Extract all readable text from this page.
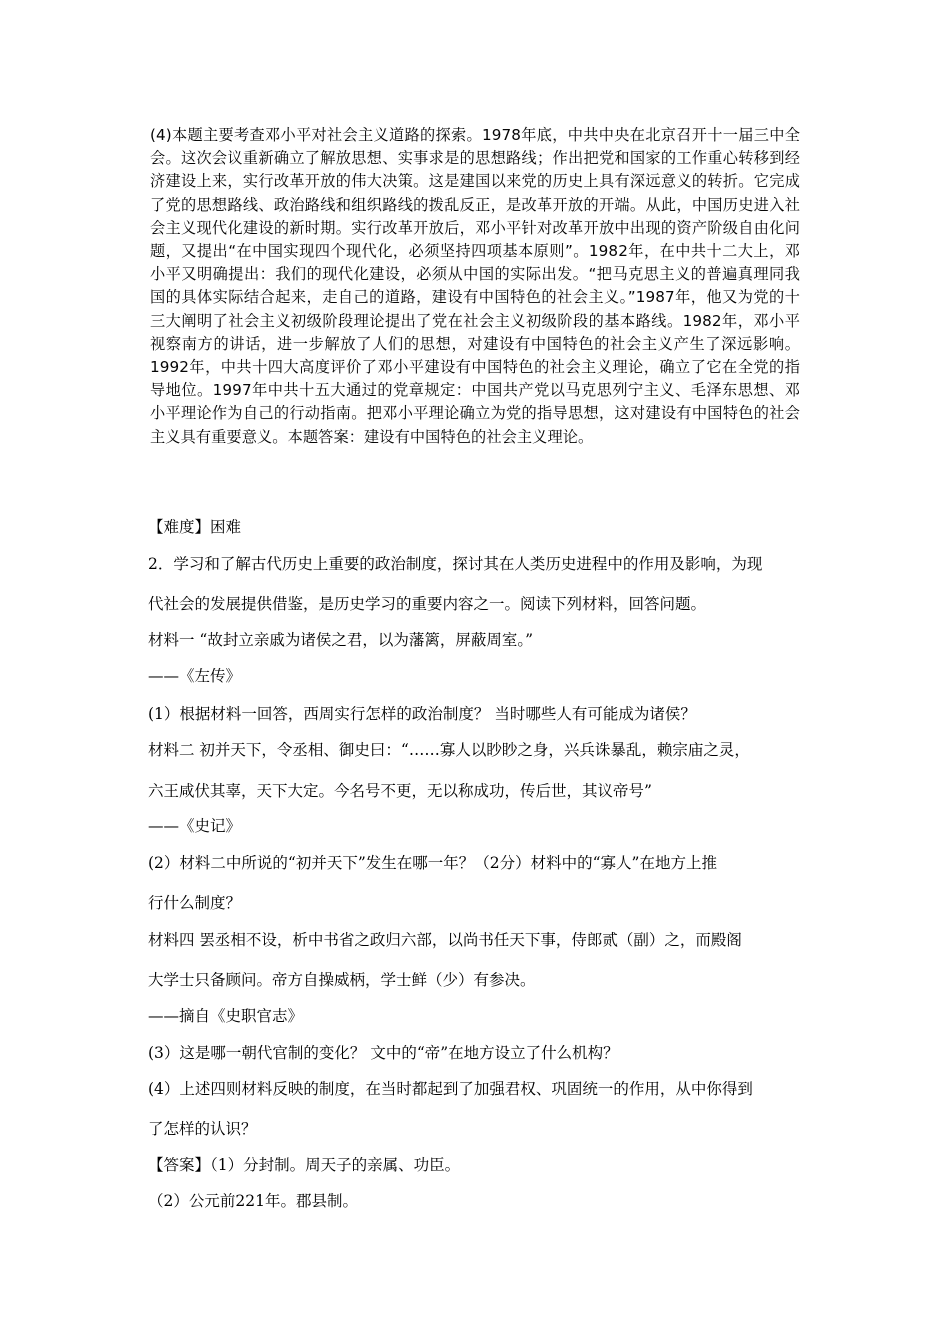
(4)本题主要考查邓小平对社会主义道路的探索。1978年底，中共中央在北京召开十一届三中全会。这次会议重新确立了解放思想、实事求是的思想路线；作出把党和国家的工作重心转移到经济建设上来，实行改革开放的伟大决策。这是建国以来党的历史上具有深远意义的转折。它完成了党的思想路线、政治路线和组织路线的拨乱反正，是改革开放的开端。从此，中国历史进入社会主义现代化建设的新时期。实行改革开放后，邓小平针对改革开放中出现的资产阶级自由化问题，又提出“在中国实现四个现代化，必须坚持四项基本原则”。1982年，在中共十二大上，邓小平又明确提出：我们的现代化建设，必须从中国的实际出发。“把马克思主义的普遍真理同我国的具体实际结合起来，走自己的道路，建设有中国特色的社会主义。”1987年，他又为党的十三大阐明了社会主义初级阶段理论提出了党在社会主义初级阶段的基本路线。1982年，邓小平视察南方的讲话，进一步解放了人们的思想，对建设有中国特色的社会主义产生了深远影响。1992年，中共十四大高度评价了邓小平建设有中国特色的社会主义理论，确立了它在全党的指导地位。1997年中共十五大通过的党章规定：中国共产党以马克思列宁主义、毛泽东思想、邓小平理论作为自己的行动指南。把邓小平理论确立为党的指导思想，这对建设有中国特色的社会主义具有重要意义。本题答案：建设有中国特色的社会主义理论。
【难度】困难
2．学习和了解古代历史上重要的政治制度，探讨其在人类历史进程中的作用及影响，为现
代社会的发展提供借鉴，是历史学习的重要内容之一。阅读下列材料，回答问题。
材料一 “故封立亲戚为诸侯之君，以为藩篱，屏蔽周室。”
——《左传》
(1）根据材料一回答，西周实行怎样的政治制度？ 当时哪些人有可能成为诸侯？
材料二 初并天下，令丞相、御史曰：“……寡人以眇眇之身，兴兵诛暴乱，赖宗庙之灵，
六王咸伏其辜，天下大定。今名号不更，无以称成功，传后世，其议帝号”
——《史记》
(2）材料二中所说的“初并天下”发生在哪一年？（2分）材料中的“寡人”在地方上推
行什么制度？
材料四 罢丞相不设，析中书省之政归六部，以尚书任天下事，侍郎贰（副）之，而殿阁
大学士只备顾问。帝方自操威柄，学士鲜（少）有参决。
——摘自《史职官志》
(3）这是哪一朝代官制的变化？ 文中的“帝”在地方设立了什么机构？
(4）上述四则材料反映的制度，在当时都起到了加强君权、巩固统一的作用，从中你得到
了怎样的认识？
【答案】（1）分封制。周天子的亲属、功臣。
（2）公元前221年。郡县制。
